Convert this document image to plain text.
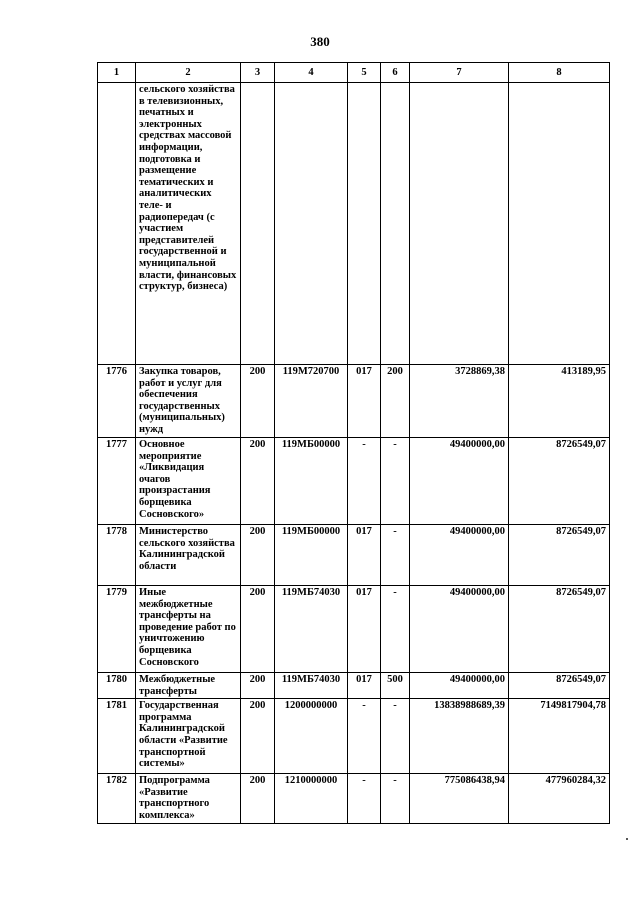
380
1	2	3	4	5	6	7	8
	сельского хозяйства в телевизионных, печатных и электронных средствах массовой информации, подготовка и размещение тематических и аналитических теле- и радиопередач (с участием представителей государственной и муниципальной власти, финансовых структур, бизнеса)						
1776	Закупка товаров, работ и услуг для обеспечения государственных (муниципальных) нужд	200	119М720700	017	200	3728869,38	413189,95
1777	Основное мероприятие «Ликвидация очагов произрастания борщевика Сосновского»	200	119МБ00000	-	-	49400000,00	8726549,07
1778	Министерство сельского хозяйства Калининградской области	200	119МБ00000	017	-	49400000,00	8726549,07
1779	Иные межбюджетные трансферты на проведение работ по уничтожению борщевика Сосновского	200	119МБ74030	017	-	49400000,00	8726549,07
1780	Межбюджетные трансферты	200	119МБ74030	017	500	49400000,00	8726549,07
1781	Государственная программа Калининградской области «Развитие транспортной системы»	200	1200000000	-	-	13838988689,39	7149817904,78
1782	Подпрограмма «Развитие транспортного комплекса»	200	1210000000	-	-	775086438,94	477960284,32
